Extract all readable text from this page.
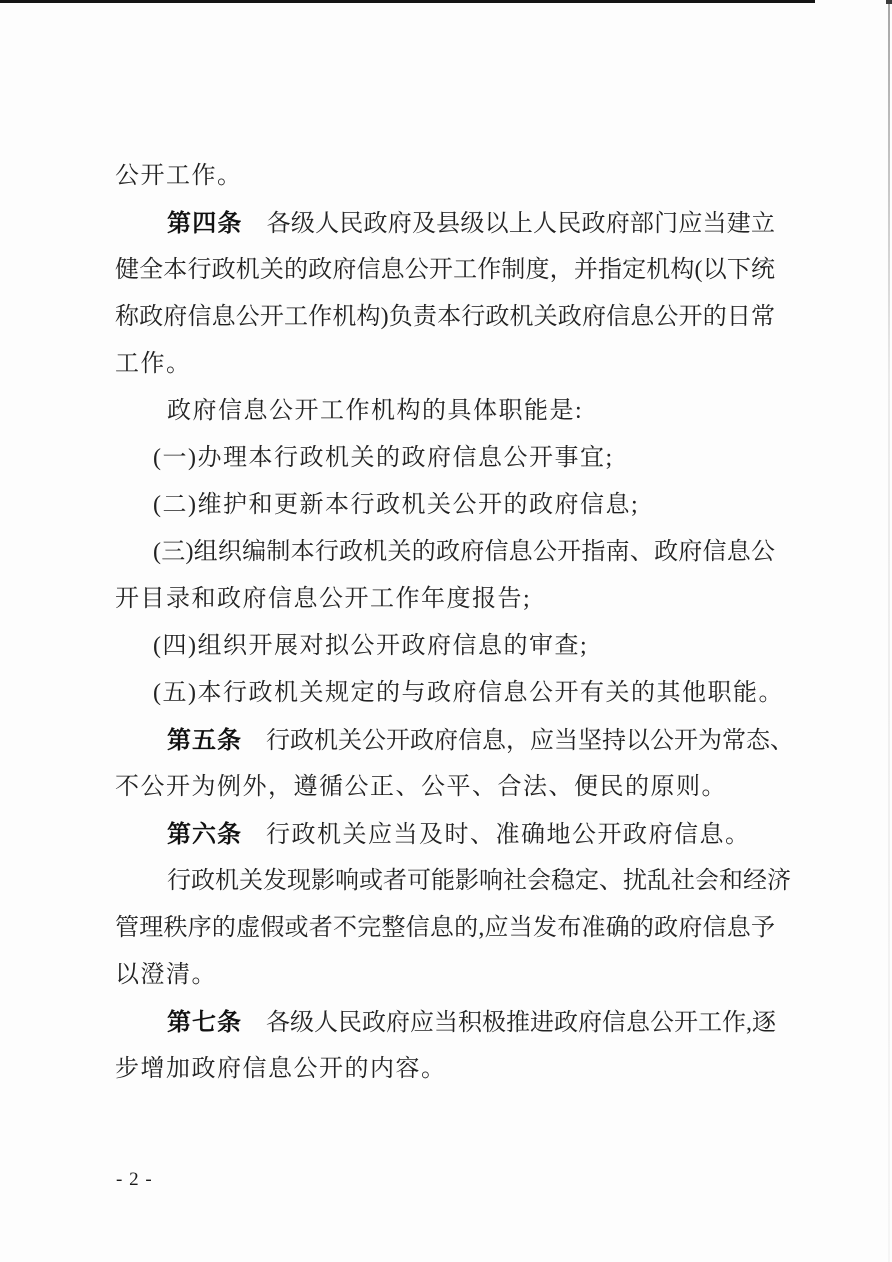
公开工作。
第四条 各级人民政府及县级以上人民政府部门应当建立
健全本行政机关的政府信息公开工作制度，并指定机构(以下统
称政府信息公开工作机构)负责本行政机关政府信息公开的日常
工作。
政府信息公开工作机构的具体职能是:
(一)办理本行政机关的政府信息公开事宜;
(二)维护和更新本行政机关公开的政府信息;
(三)组织编制本行政机关的政府信息公开指南、政府信息公
开目录和政府信息公开工作年度报告;
(四)组织开展对拟公开政府信息的审查;
(五)本行政机关规定的与政府信息公开有关的其他职能。
第五条 行政机关公开政府信息，应当坚持以公开为常态、
不公开为例外，遵循公正、公平、合法、便民的原则。
第六条 行政机关应当及时、准确地公开政府信息。
行政机关发现影响或者可能影响社会稳定、扰乱社会和经济
管理秩序的虚假或者不完整信息的,应当发布准确的政府信息予
以澄清。
第七条 各级人民政府应当积极推进政府信息公开工作,逐
步增加政府信息公开的内容。
- 2 -
